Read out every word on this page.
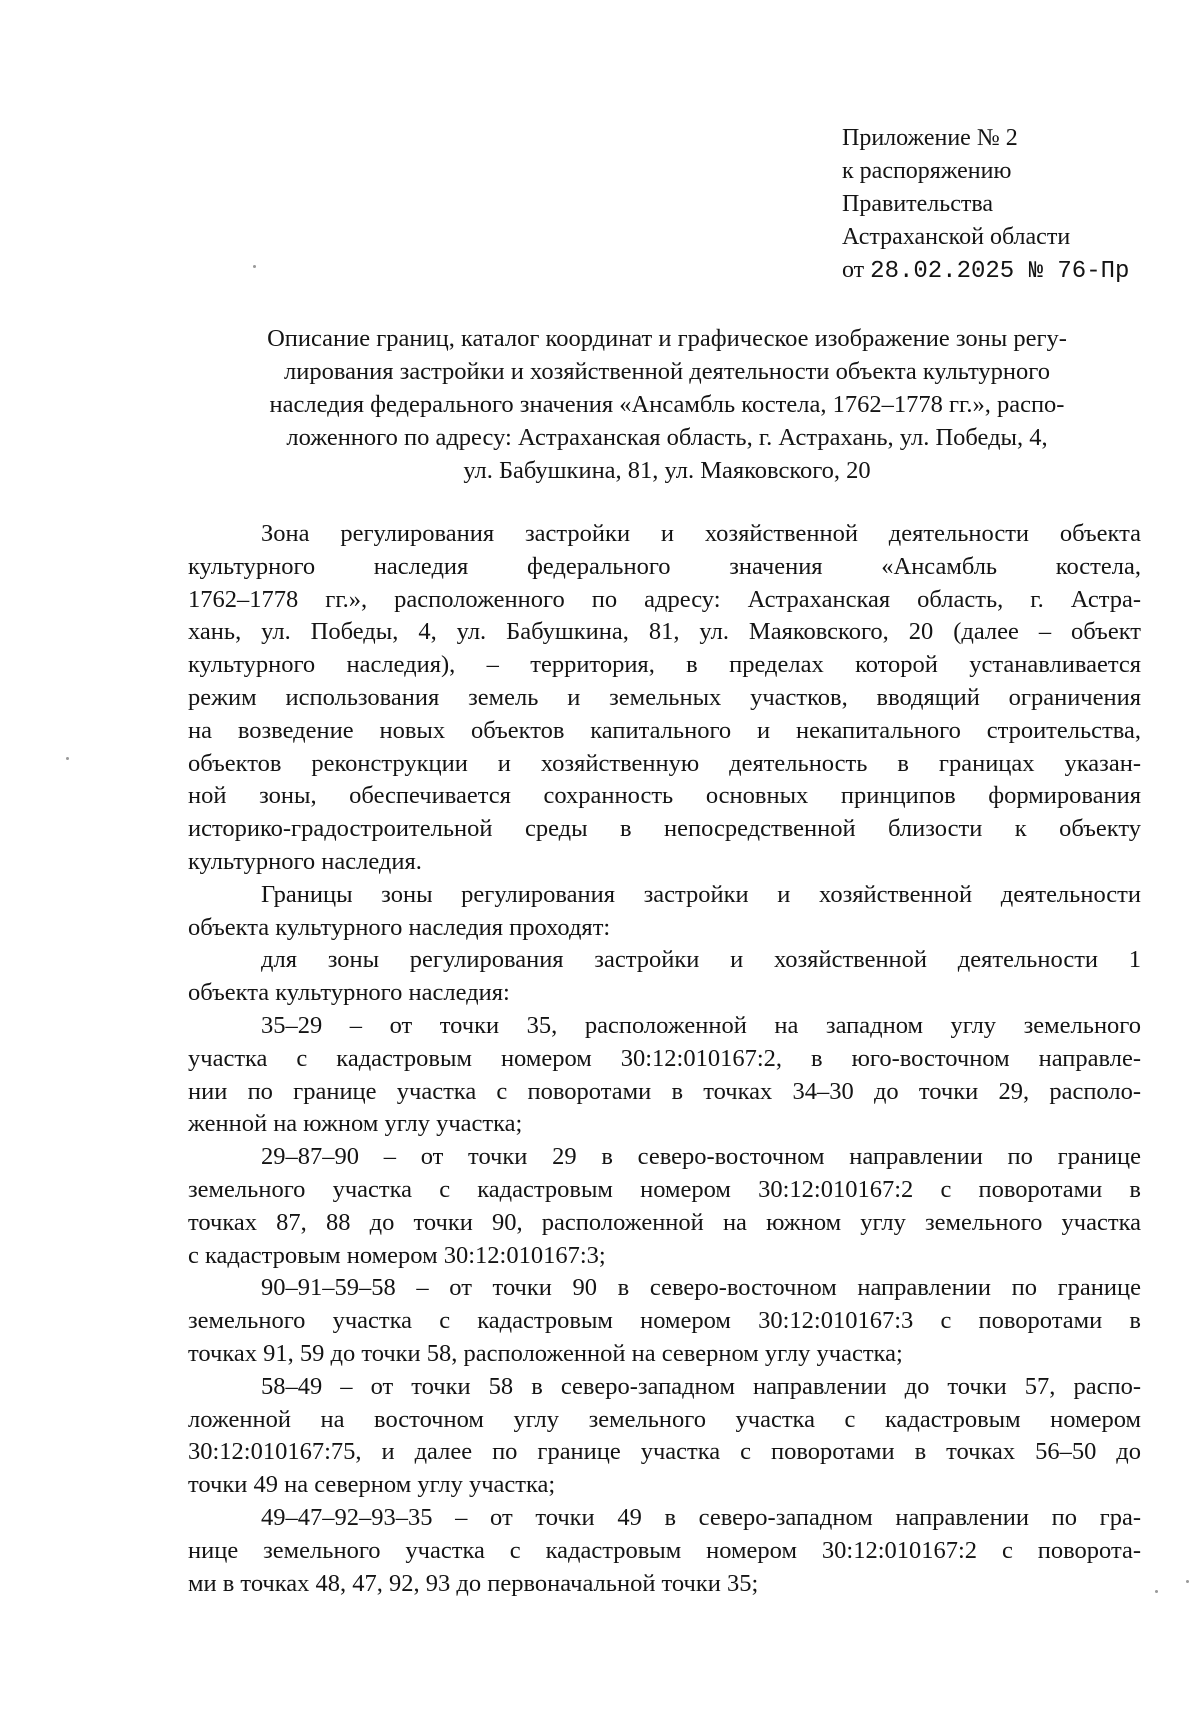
Приложение № 2
к распоряжению
Правительства
Астраханской области
от 28.02.2025 № 76-Пр
Описание границ, каталог координат и графическое изображение зоны регу-
лирования застройки и хозяйственной деятельности объекта культурного
наследия федерального значения «Ансамбль костела, 1762–1778 гг.», распо-
ложенного по адресу: Астраханская область, г. Астрахань, ул. Победы, 4,
ул. Бабушкина, 81, ул. Маяковского, 20
Зона регулирования застройки и хозяйственной деятельности объекта
культурного наследия федерального значения «Ансамбль костела,
1762–1778 гг.», расположенного по адресу: Астраханская область, г. Астра-
хань, ул. Победы, 4, ул. Бабушкина, 81, ул. Маяковского, 20 (далее – объект
культурного наследия), – территория, в пределах которой устанавливается
режим использования земель и земельных участков, вводящий ограничения
на возведение новых объектов капитального и некапитального строительства,
объектов реконструкции и хозяйственную деятельность в границах указан-
ной зоны, обеспечивается сохранность основных принципов формирования
историко-градостроительной среды в непосредственной близости к объекту
культурного наследия.
Границы зоны регулирования застройки и хозяйственной деятельности
объекта культурного наследия проходят:
для зоны регулирования застройки и хозяйственной деятельности 1
объекта культурного наследия:
35–29 – от точки 35, расположенной на западном углу земельного
участка с кадастровым номером 30:12:010167:2, в юго-восточном направле-
нии по границе участка с поворотами в точках 34–30 до точки 29, располо-
женной на южном углу участка;
29–87–90 – от точки 29 в северо-восточном направлении по границе
земельного участка с кадастровым номером 30:12:010167:2 с поворотами в
точках 87, 88 до точки 90, расположенной на южном углу земельного участка
с кадастровым номером 30:12:010167:3;
90–91–59–58 – от точки 90 в северо-восточном направлении по границе
земельного участка с кадастровым номером 30:12:010167:3 с поворотами в
точках 91, 59 до точки 58, расположенной на северном углу участка;
58–49 – от точки 58 в северо-западном направлении до точки 57, распо-
ложенной на восточном углу земельного участка с кадастровым номером
30:12:010167:75, и далее по границе участка с поворотами в точках 56–50 до
точки 49 на северном углу участка;
49–47–92–93–35 – от точки 49 в северо-западном направлении по гра-
нице земельного участка с кадастровым номером 30:12:010167:2 с поворота-
ми в точках 48, 47, 92, 93 до первоначальной точки 35;
